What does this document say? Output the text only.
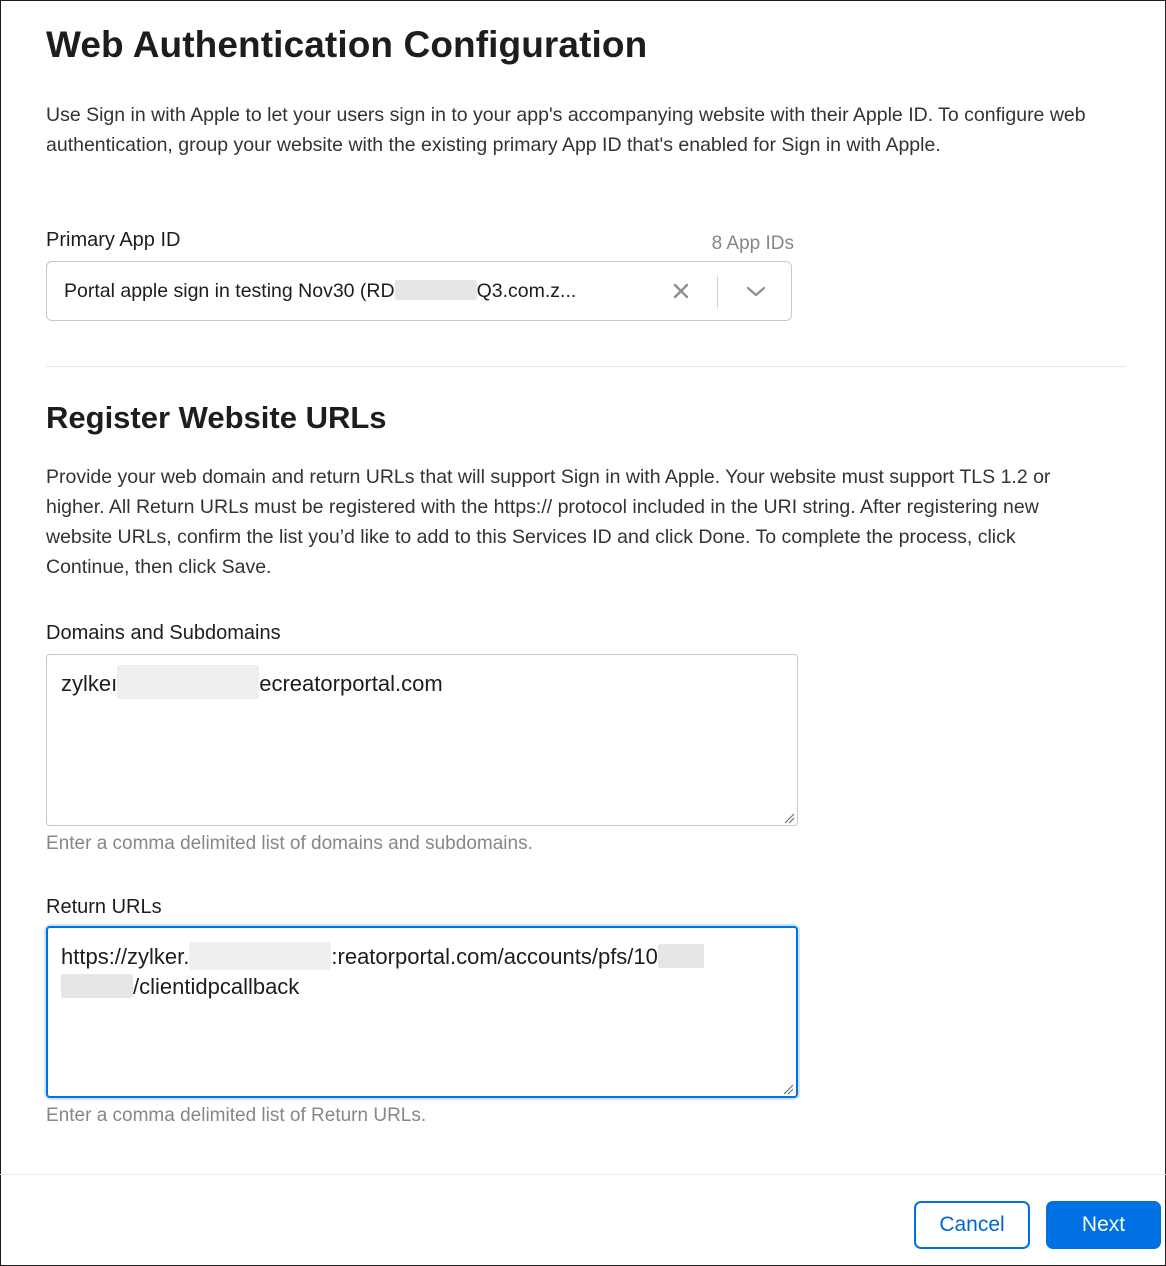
Web Authentication Configuration

Use Sign in with Apple to let your users sign in to your app's accompanying website with their Apple ID. To configure web authentication, group your website with the existing primary App ID that's enabled for Sign in with Apple.

Primary App ID	8 App IDs
Portal apple sign in testing Nov30 (RD	Q3.com.z...
Register Website URLs

Provide your web domain and return URLs that will support Sign in with Apple. Your website must support TLS 1.2 or higher. All Return URLs must be registered with the https:// protocol included in the URI string. After registering new website URLs, confirm the list you’d like to add to this Services ID and click Done. To complete the process, click Continue, then click Save.

Domains and Subdomains
zylkeı	ecreatorportal.com
Enter a comma delimited list of domains and subdomains.
Return URLs
https://zylker.	:reatorportal.com/accounts/pfs/10
/clientidpcallback
Enter a comma delimited list of Return URLs.
Cancel	Next
